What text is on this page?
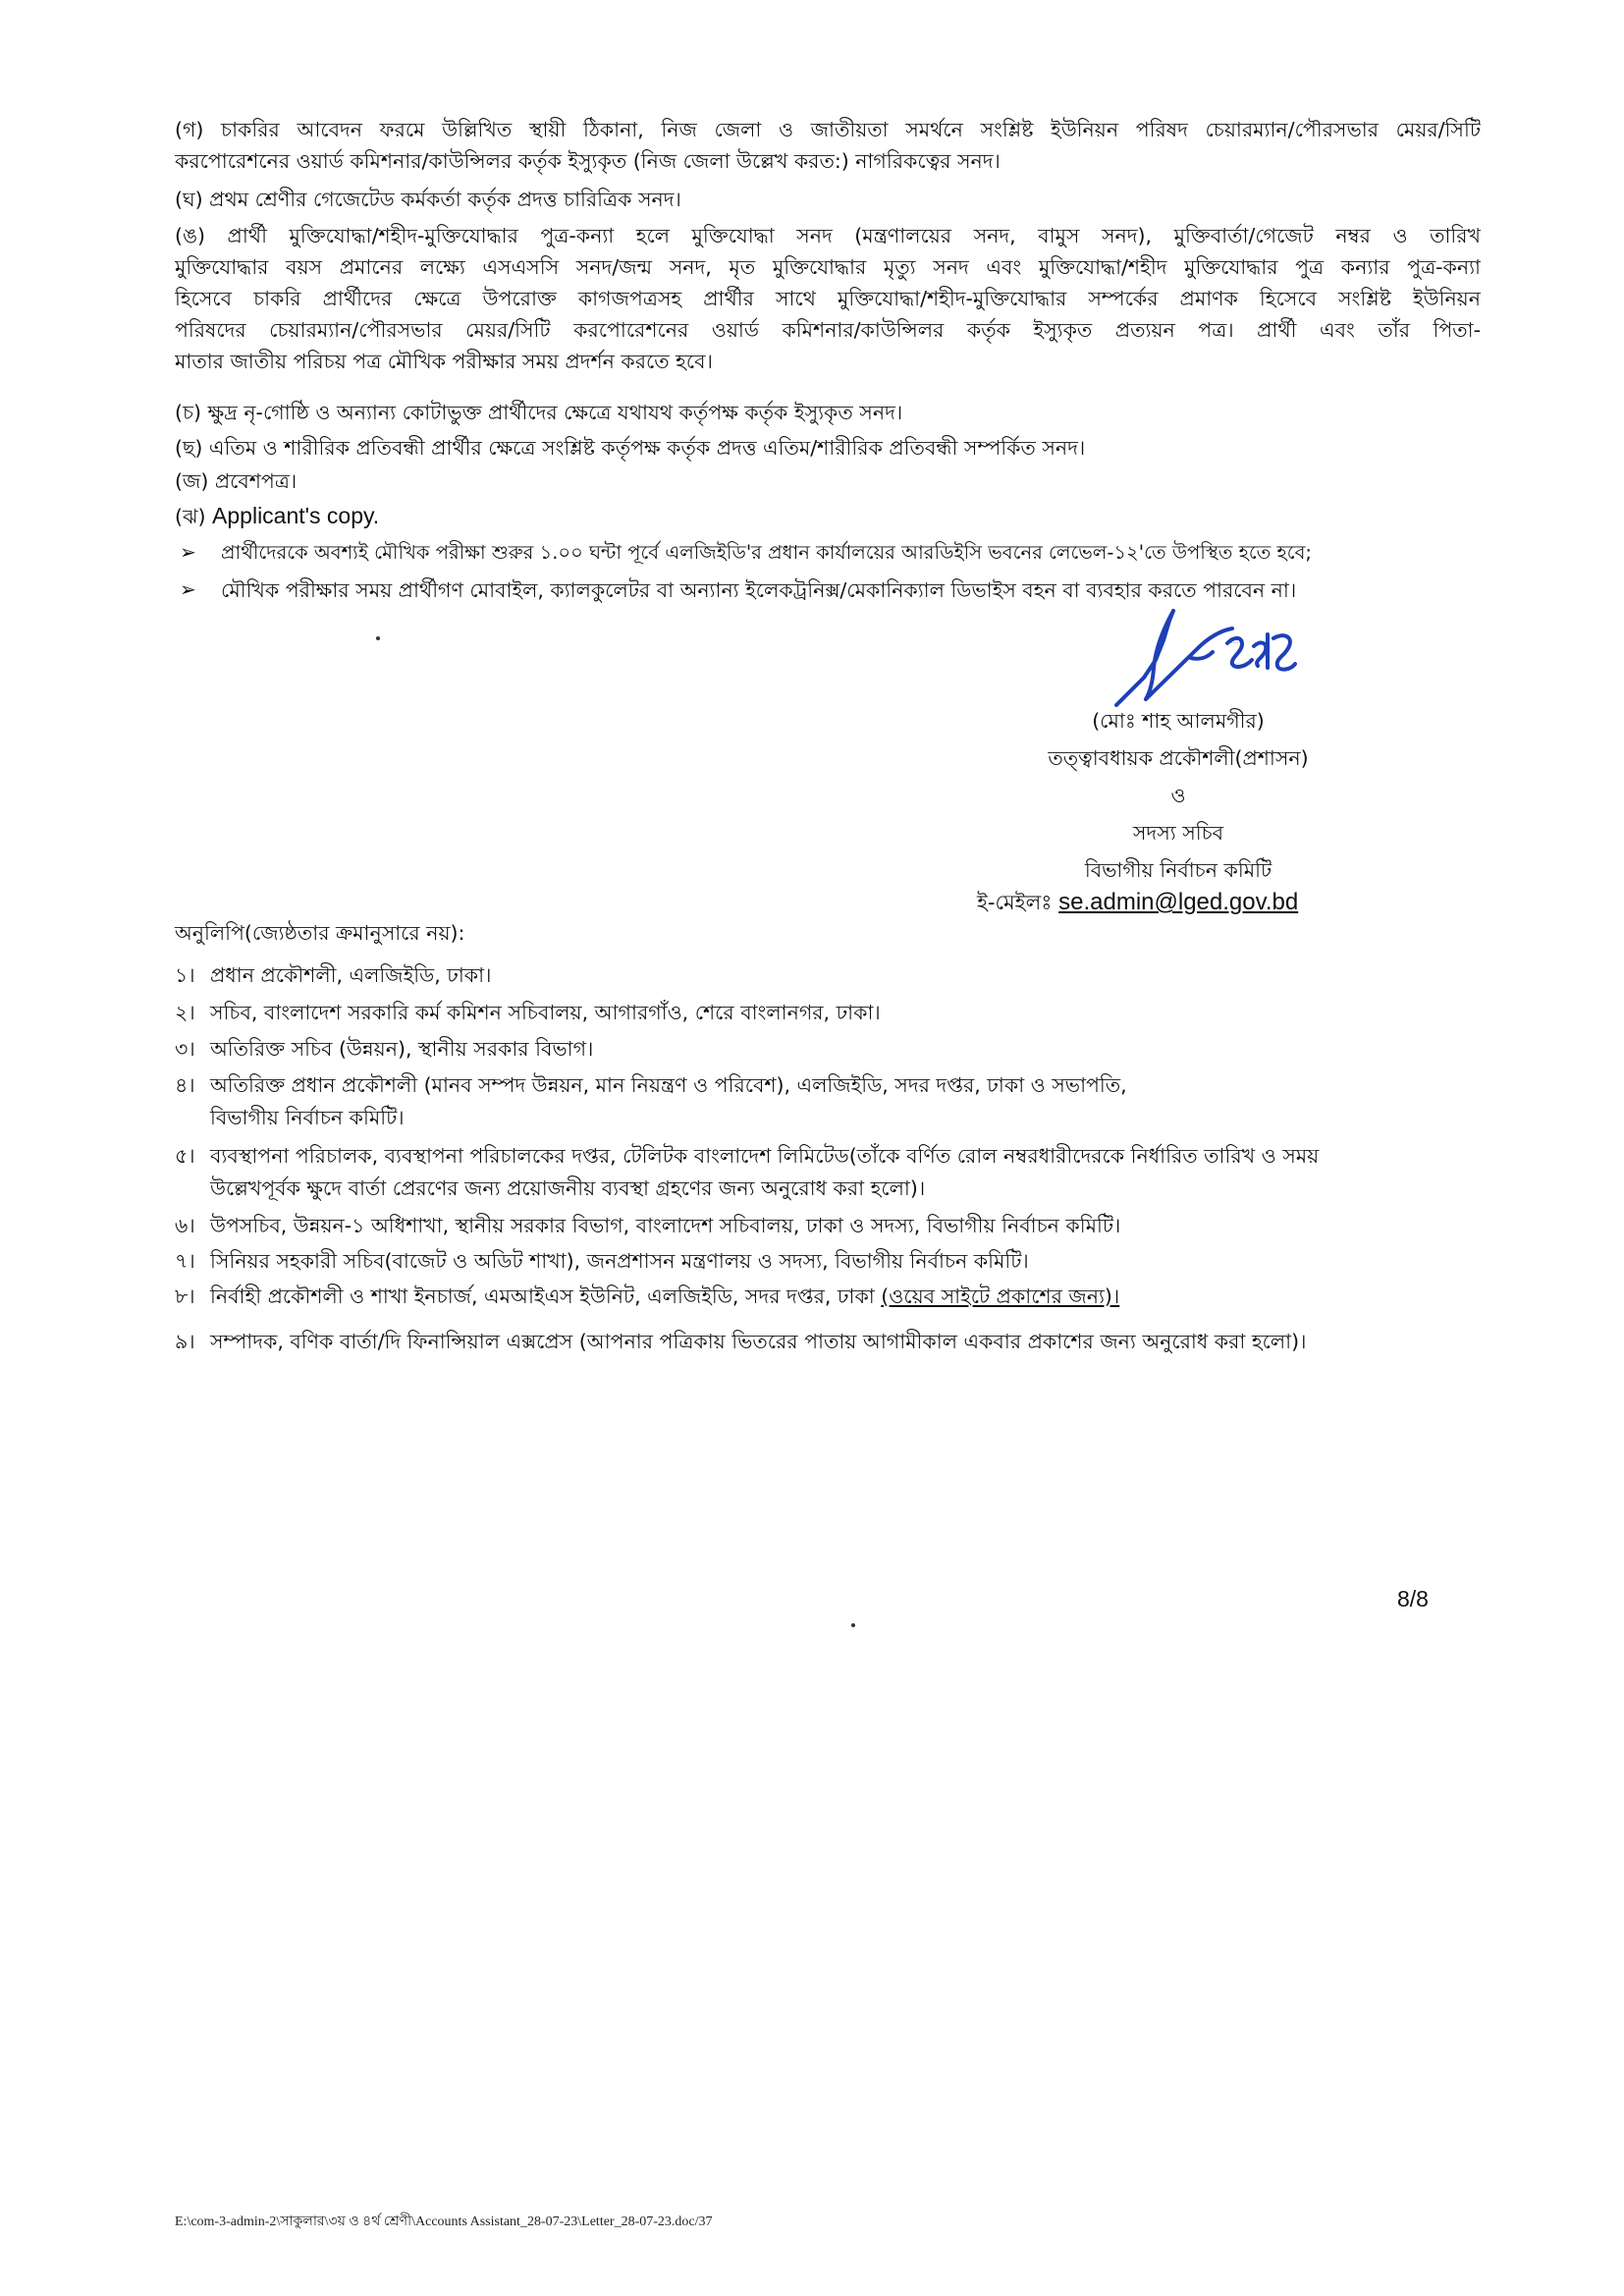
(গ) চাকরির আবেদন ফরমে উল্লিখিত স্থায়ী ঠিকানা, নিজ জেলা ও জাতীয়তা সমর্থনে সংশ্লিষ্ট ইউনিয়ন পরিষদ চেয়ারম্যান/পৌরসভার মেয়র/সিটি
করপোরেশনের ওয়ার্ড কমিশনার/কাউন্সিলর কর্তৃক ইস্যুকৃত (নিজ জেলা উল্লেখ করত:) নাগরিকত্বের সনদ।
(ঘ) প্রথম শ্রেণীর গেজেটেড কর্মকর্তা কর্তৃক প্রদত্ত চারিত্রিক সনদ।
(ঙ) প্রার্থী মুক্তিযোদ্ধা/শহীদ-মুক্তিযোদ্ধার পুত্র-কন্যা হলে মুক্তিযোদ্ধা সনদ (মন্ত্রণালয়ের সনদ, বামুস সনদ), মুক্তিবার্তা/গেজেট নম্বর ও তারিখ
মুক্তিযোদ্ধার বয়স প্রমানের লক্ষ্যে এসএসসি সনদ/জন্ম সনদ, মৃত মুক্তিযোদ্ধার মৃত্যু সনদ এবং মুক্তিযোদ্ধা/শহীদ মুক্তিযোদ্ধার পুত্র কন্যার পুত্র-কন্যা
হিসেবে চাকরি প্রার্থীদের ক্ষেত্রে উপরোক্ত কাগজপত্রসহ প্রার্থীর সাথে মুক্তিযোদ্ধা/শহীদ-মুক্তিযোদ্ধার সম্পর্কের প্রমাণক হিসেবে সংশ্লিষ্ট ইউনিয়ন
পরিষদের চেয়ারম্যান/পৌরসভার মেয়র/সিটি করপোরেশনের ওয়ার্ড কমিশনার/কাউন্সিলর কর্তৃক ইস্যুকৃত প্রত্যয়ন পত্র। প্রার্থী এবং তাঁর পিতা-
মাতার জাতীয় পরিচয় পত্র মৌখিক পরীক্ষার সময় প্রদর্শন করতে হবে।
(চ) ক্ষুদ্র নৃ-গোষ্ঠি ও অন্যান্য কোটাভুক্ত প্রার্থীদের ক্ষেত্রে যথাযথ কর্তৃপক্ষ কর্তৃক ইস্যুকৃত সনদ।
(ছ) এতিম ও শারীরিক প্রতিবন্ধী প্রার্থীর ক্ষেত্রে সংশ্লিষ্ট কর্তৃপক্ষ কর্তৃক প্রদত্ত এতিম/শারীরিক প্রতিবন্ধী সম্পর্কিত সনদ।
(জ) প্রবেশপত্র।
(ঝ) Applicant's copy.
➢ প্রার্থীদেরকে অবশ্যই মৌখিক পরীক্ষা শুরুর ১.০০ ঘন্টা পূর্বে এলজিইডি'র প্রধান কার্যালয়ের আরডিইসি ভবনের লেভেল-১২'তে উপস্থিত হতে হবে;
➢ মৌখিক পরীক্ষার সময় প্রার্থীগণ মোবাইল, ক্যালকুলেটর বা অন্যান্য ইলেকট্রনিক্স/মেকানিক্যাল ডিভাইস বহন বা ব্যবহার করতে পারবেন না।
২৪।৮।২৩
(মোঃ শাহ আলমগীর)
তত্ত্বাবধায়ক প্রকৌশলী(প্রশাসন)
ও
সদস্য সচিব
বিভাগীয় নির্বাচন কমিটি
ই-মেইলঃ se.admin@lged.gov.bd
অনুলিপি(জ্যেষ্ঠতার ক্রমানুসারে নয়):
১। প্রধান প্রকৌশলী, এলজিইডি, ঢাকা।
২। সচিব, বাংলাদেশ সরকারি কর্ম কমিশন সচিবালয়, আগারগাঁও, শেরে বাংলানগর, ঢাকা।
৩। অতিরিক্ত সচিব (উন্নয়ন), স্থানীয় সরকার বিভাগ।
৪। অতিরিক্ত প্রধান প্রকৌশলী (মানব সম্পদ উন্নয়ন, মান নিয়ন্ত্রণ ও পরিবেশ), এলজিইডি, সদর দপ্তর, ঢাকা ও সভাপতি,
বিভাগীয় নির্বাচন কমিটি।
৫। ব্যবস্থাপনা পরিচালক, ব্যবস্থাপনা পরিচালকের দপ্তর, টেলিটক বাংলাদেশ লিমিটেড(তাঁকে বর্ণিত রোল নম্বরধারীদেরকে নির্ধারিত তারিখ ও সময়
উল্লেখপূর্বক ক্ষুদে বার্তা প্রেরণের জন্য প্রয়োজনীয় ব্যবস্থা গ্রহণের জন্য অনুরোধ করা হলো)।
৬। উপসচিব, উন্নয়ন-১ অধিশাখা, স্থানীয় সরকার বিভাগ, বাংলাদেশ সচিবালয়, ঢাকা ও সদস্য, বিভাগীয় নির্বাচন কমিটি।
৭। সিনিয়র সহকারী সচিব(বাজেট ও অডিট শাখা), জনপ্রশাসন মন্ত্রণালয় ও সদস্য, বিভাগীয় নির্বাচন কমিটি।
৮। নির্বাহী প্রকৌশলী ও শাখা ইনচার্জ, এমআইএস ইউনিট, এলজিইডি, সদর দপ্তর, ঢাকা (ওয়েব সাইটে প্রকাশের জন্য)।
৯। সম্পাদক, বণিক বার্তা/দি ফিনান্সিয়াল এক্সপ্রেস (আপনার পত্রিকায় ভিতরের পাতায় আগামীকাল একবার প্রকাশের জন্য অনুরোধ করা হলো)।
8/8
E:\com-3-admin-2\সাকুলার\৩য় ও ৪র্থ শ্রেণী\Accounts Assistant_28-07-23\Letter_28-07-23.doc/37
